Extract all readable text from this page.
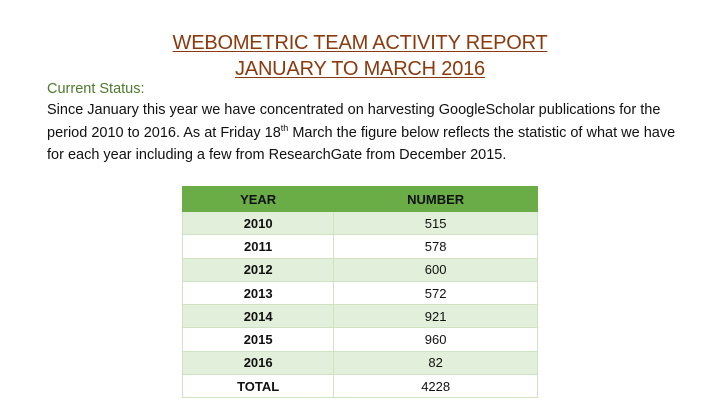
WEBOMETRIC TEAM ACTIVITY REPORT
JANUARY TO MARCH 2016
Current Status:
Since January this year we have concentrated on harvesting GoogleScholar publications for the period 2010 to 2016. As at Friday 18th March the figure below reflects the statistic of what we have for each year including a few from ResearchGate from December 2015.
YEAR	NUMBER
2010	515
2011	578
2012	600
2013	572
2014	921
2015	960
2016	82
TOTAL	4228
